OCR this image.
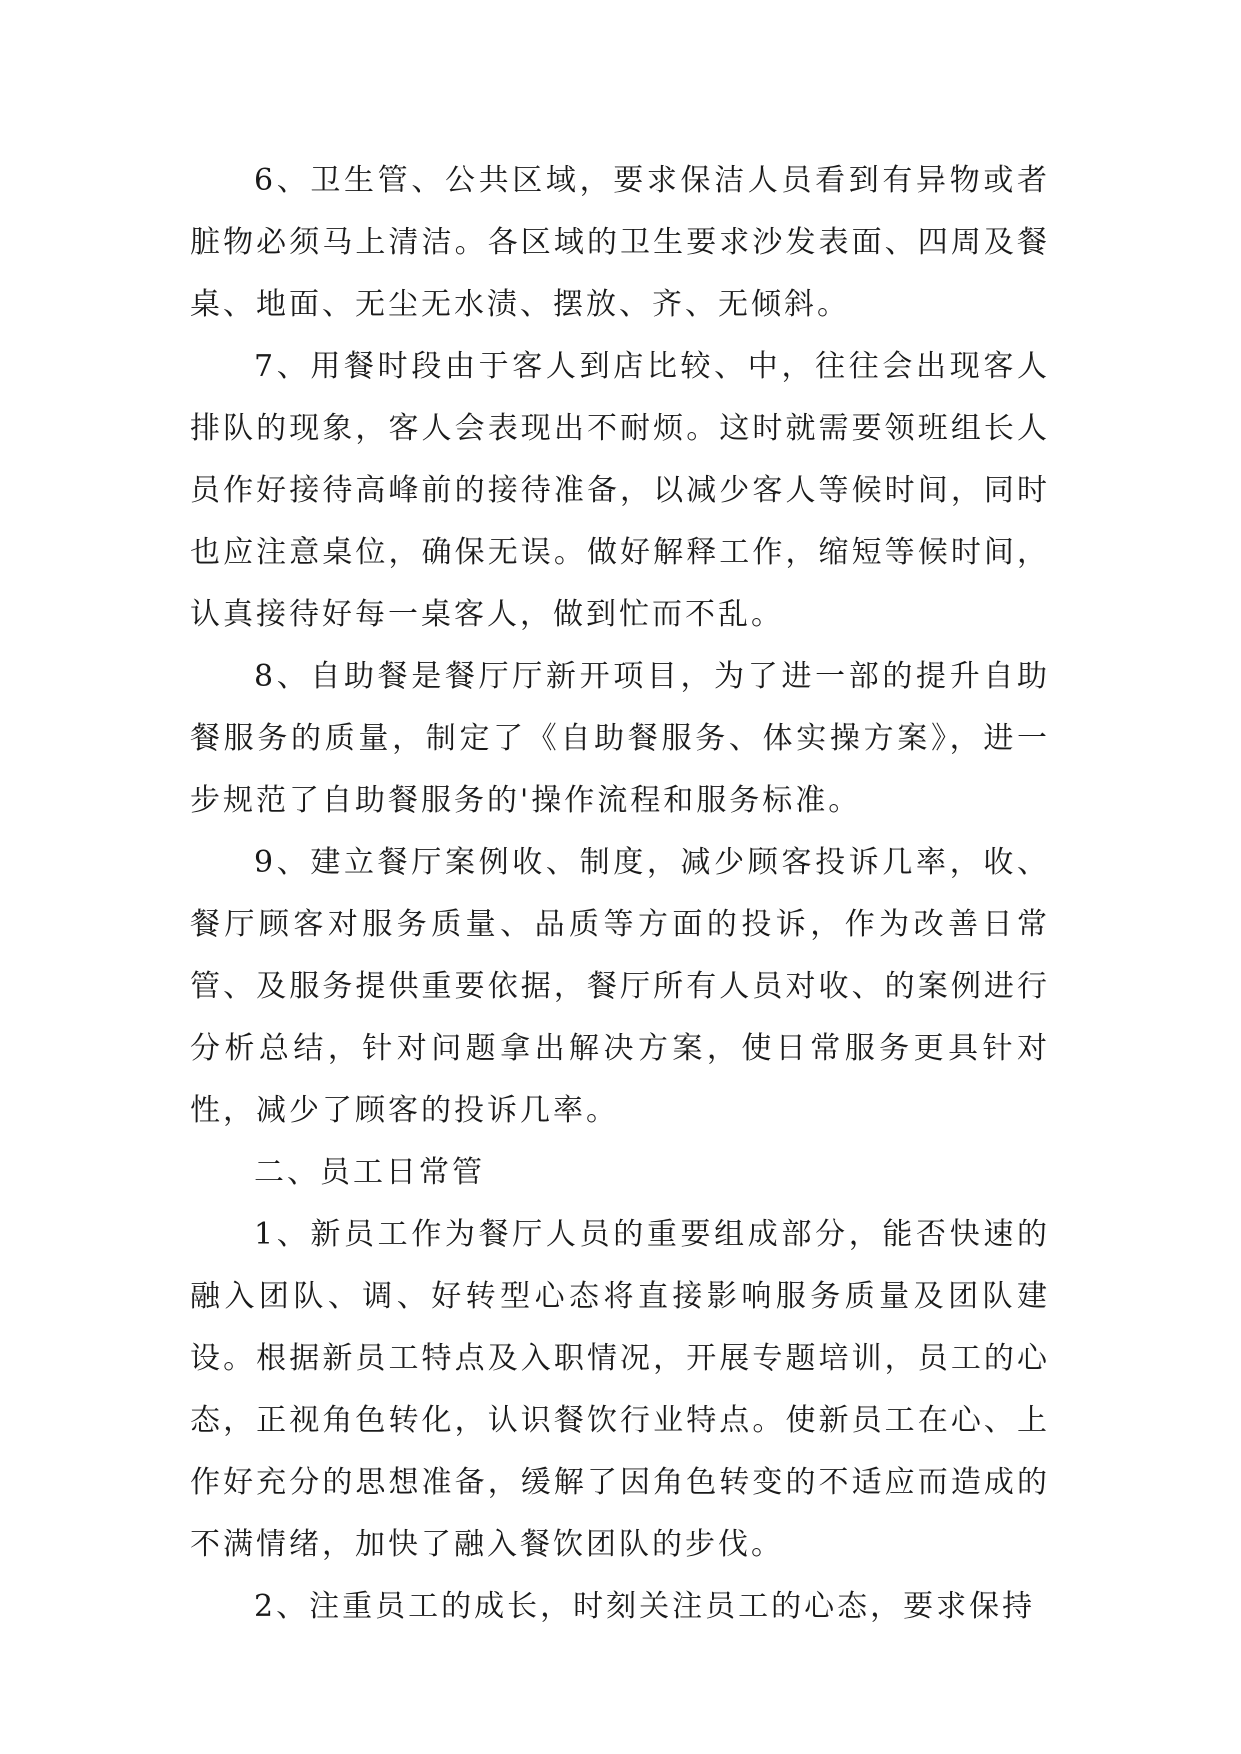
6、卫生管、公共区域，要求保洁人员看到有异物或者脏物必须马上清洁。各区域的卫生要求沙发表面、四周及餐桌、地面、无尘无水渍、摆放、齐、无倾斜。

7、用餐时段由于客人到店比较、中，往往会出现客人排队的现象，客人会表现出不耐烦。这时就需要领班组长人员作好接待高峰前的接待准备，以减少客人等候时间，同时也应注意桌位，确保无误。做好解释工作，缩短等候时间，认真接待好每一桌客人，做到忙而不乱。

8、自助餐是餐厅厅新开项目，为了进一部的提升自助餐服务的质量，制定了《自助餐服务、体实操方案》，进一步规范了自助餐服务的'操作流程和服务标准。

9、建立餐厅案例收、制度，减少顾客投诉几率，收、餐厅顾客对服务质量、品质等方面的投诉，作为改善日常管、及服务提供重要依据，餐厅所有人员对收、的案例进行分析总结，针对问题拿出解决方案，使日常服务更具针对性，减少了顾客的投诉几率。

二、员工日常管

1、新员工作为餐厅人员的重要组成部分，能否快速的融入团队、调、好转型心态将直接影响服务质量及团队建设。根据新员工特点及入职情况，开展专题培训，员工的心态，正视角色转化，认识餐饮行业特点。使新员工在心、上作好充分的思想准备，缓解了因角色转变的不适应而造成的不满情绪，加快了融入餐饮团队的步伐。

2、注重员工的成长，时刻关注员工的心态，要求保持
